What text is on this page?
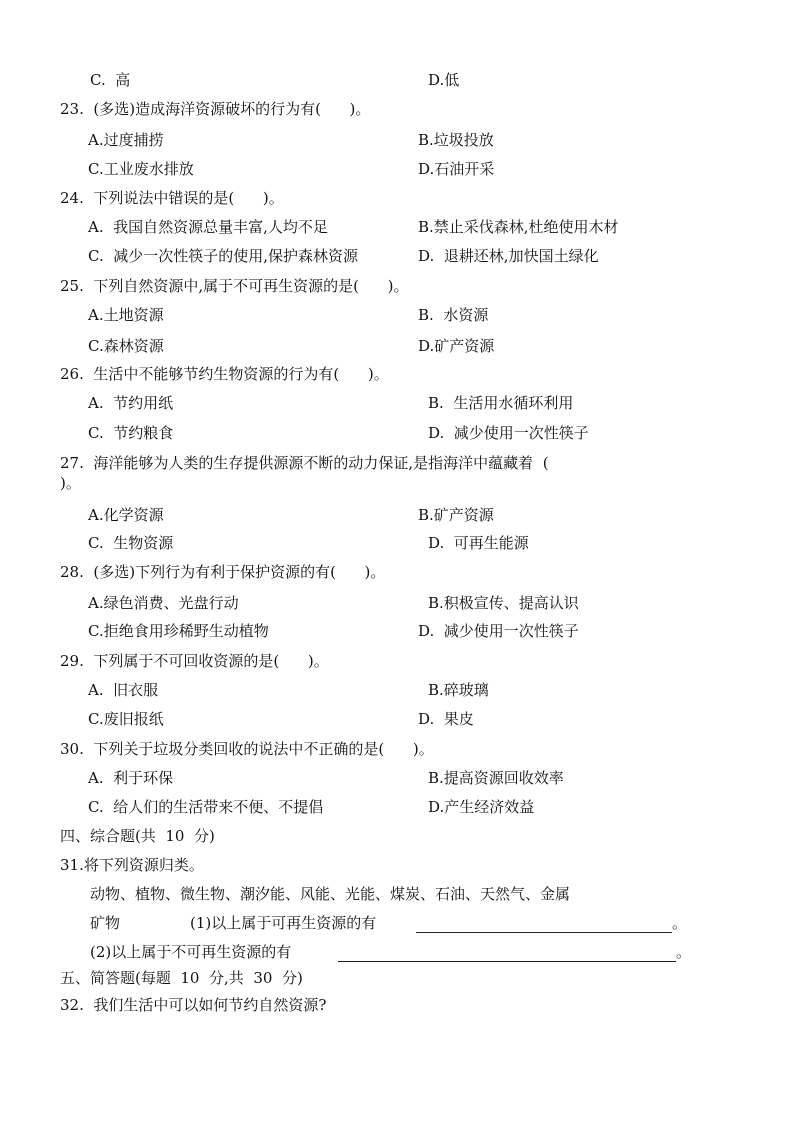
C.  高	D.低
23.  (多选)造成海洋资源破坏的行为有(      )。
A.过度捕捞	B.垃圾投放
C.工业废水排放	D.石油开采
24.  下列说法中错误的是(      )。
A.  我国自然资源总量丰富,人均不足	B.禁止采伐森林,杜绝使用木材
C.  减少一次性筷子的使用,保护森林资源	D.  退耕还林,加快国土绿化
25.  下列自然资源中,属于不可再生资源的是(      )。
A.土地资源	B.  水资源
C.森林资源	D.矿产资源
26.  生活中不能够节约生物资源的行为有(      )。
A.  节约用纸	B.  生活用水循环利用
C.  节约粮食	D.  减少使用一次性筷子
27.  海洋能够为人类的生存提供源源不断的动力保证,是指海洋中蕴藏着  (
)。
A.化学资源	B.矿产资源
C.  生物资源	D.  可再生能源
28.  (多选)下列行为有利于保护资源的有(      )。
A.绿色消费、光盘行动	B.积极宣传、提高认识
C.拒绝食用珍稀野生动植物	D.  减少使用一次性筷子
29.  下列属于不可回收资源的是(      )。
A.  旧衣服	B.碎玻璃
C.废旧报纸	D.  果皮
30.  下列关于垃圾分类回收的说法中不正确的是(      )。
A.  利于环保	B.提高资源回收效率
C.  给人们的生活带来不便、不提倡	D.产生经济效益
四、综合题(共  10  分)
31.将下列资源归类。
动物、植物、微生物、潮汐能、风能、光能、煤炭、石油、天然气、金属
矿物	(1)以上属于可再生资源的有	。
(2)以上属于不可再生资源的有	。
五、简答题(每题  10  分,共  30  分)
32.  我们生活中可以如何节约自然资源?
